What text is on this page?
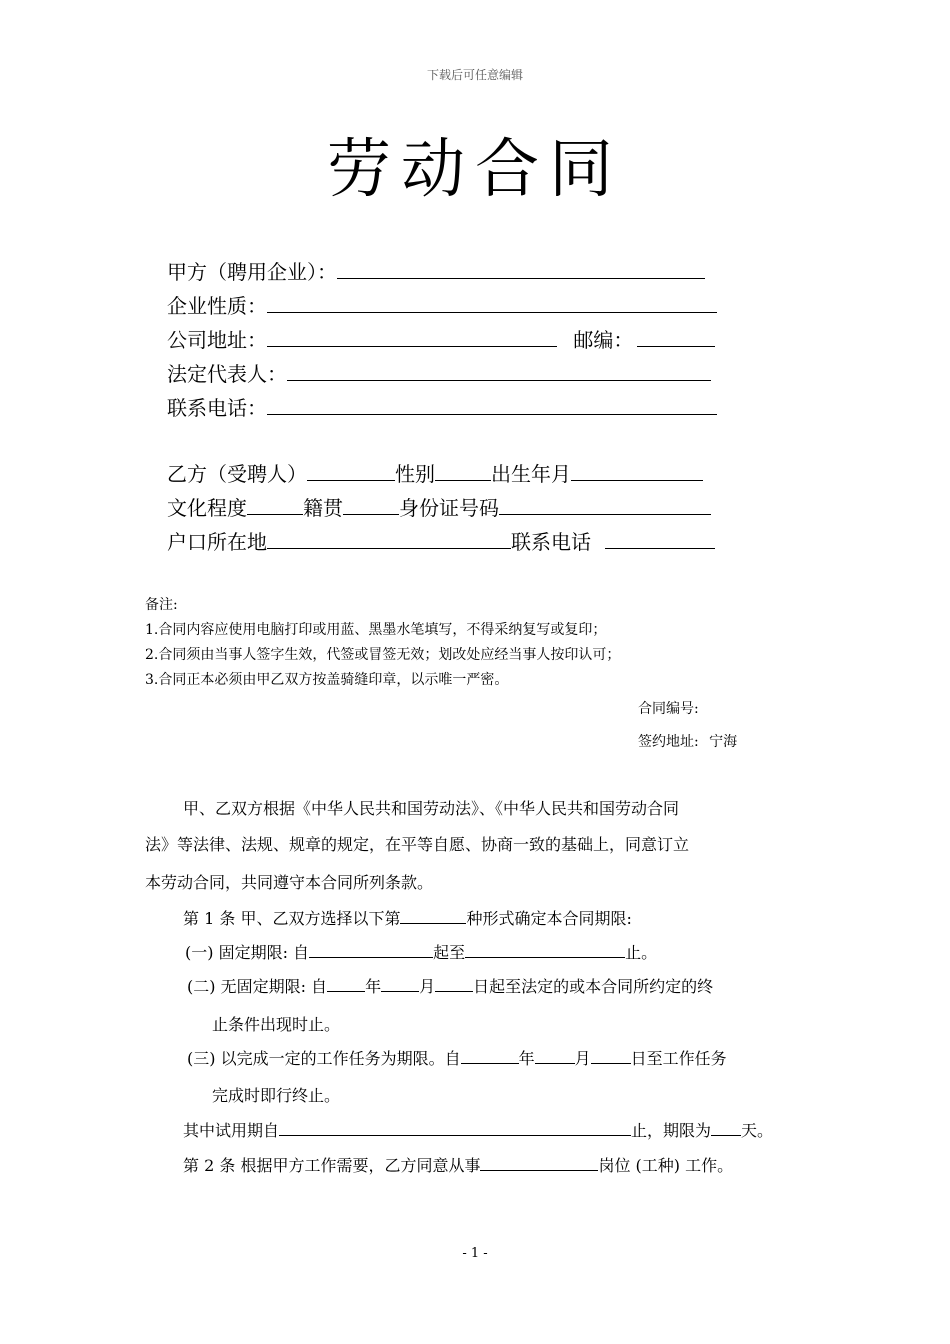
下载后可任意编辑
劳动合同
甲方（聘用企业）：
企业性质：
公司地址：	邮编：
法定代表人：
联系电话：
乙方（受聘人）	性别	出生年月
文化程度	籍贯	身份证号码
户口所在地	联系电话
备注:
1.合同内容应使用电脑打印或用蓝、黑墨水笔填写，不得采纳复写或复印；
2.合同须由当事人签字生效，代签或冒签无效；划改处应经当事人按印认可；
3.合同正本必须由甲乙双方按盖骑缝印章，以示唯一严密。
合同编号:
签约地址: 宁海
甲、乙双方根据《中华人民共和国劳动法》、《中华人民共和国劳动合同
法》等法律、法规、规章的规定，在平等自愿、协商一致的基础上，同意订立
本劳动合同，共同遵守本合同所列条款。
第 1 条 甲、乙双方选择以下第	种形式确定本合同期限:
(一) 固定期限: 自	起至	止。
(二) 无固定期限: 自 年 月 日起至法定的或本合同所约定的终
止条件出现时止。
(三) 以完成一定的工作任务为期限。自	年	月	日至工作任务
完成时即行终止。
其中试用期自	止，期限为 天。
第 2 条 根据甲方工作需要，乙方同意从事	岗位 (工种) 工作。
- 1 -
